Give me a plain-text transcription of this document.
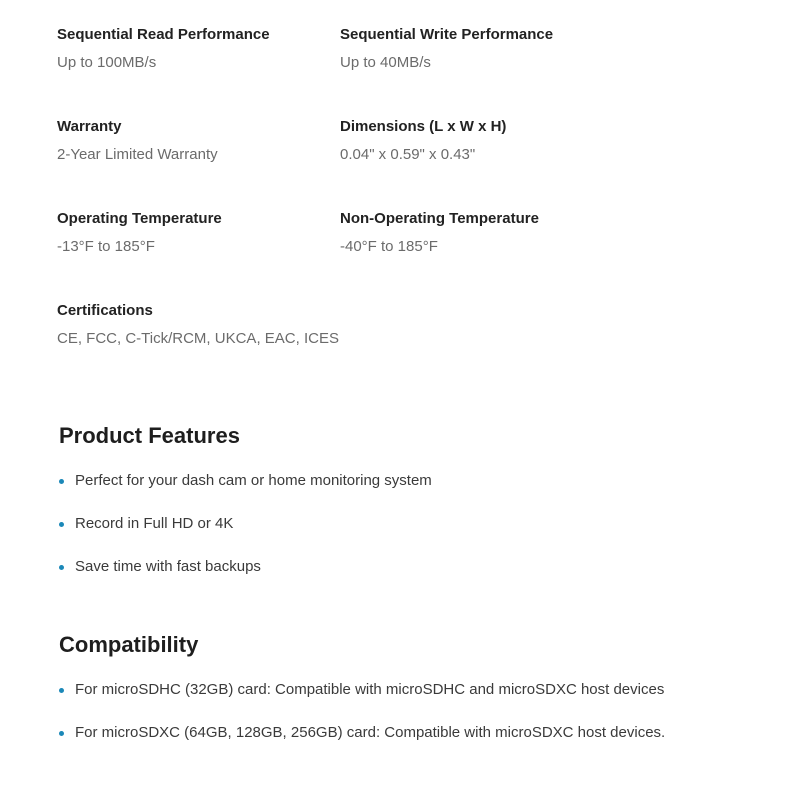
Sequential Read Performance
Up to 100MB/s
Sequential Write Performance
Up to 40MB/s
Warranty
2-Year Limited Warranty
Dimensions (L x W x H)
0.04" x 0.59" x 0.43"
Operating Temperature
-13°F to 185°F
Non-Operating Temperature
-40°F to 185°F
Certifications
CE, FCC, C-Tick/RCM, UKCA, EAC, ICES
Product Features
Perfect for your dash cam or home monitoring system
Record in Full HD or 4K
Save time with fast backups
Compatibility
For microSDHC (32GB) card: Compatible with microSDHC and microSDXC host devices
For microSDXC (64GB, 128GB, 256GB) card: Compatible with microSDXC host devices.
